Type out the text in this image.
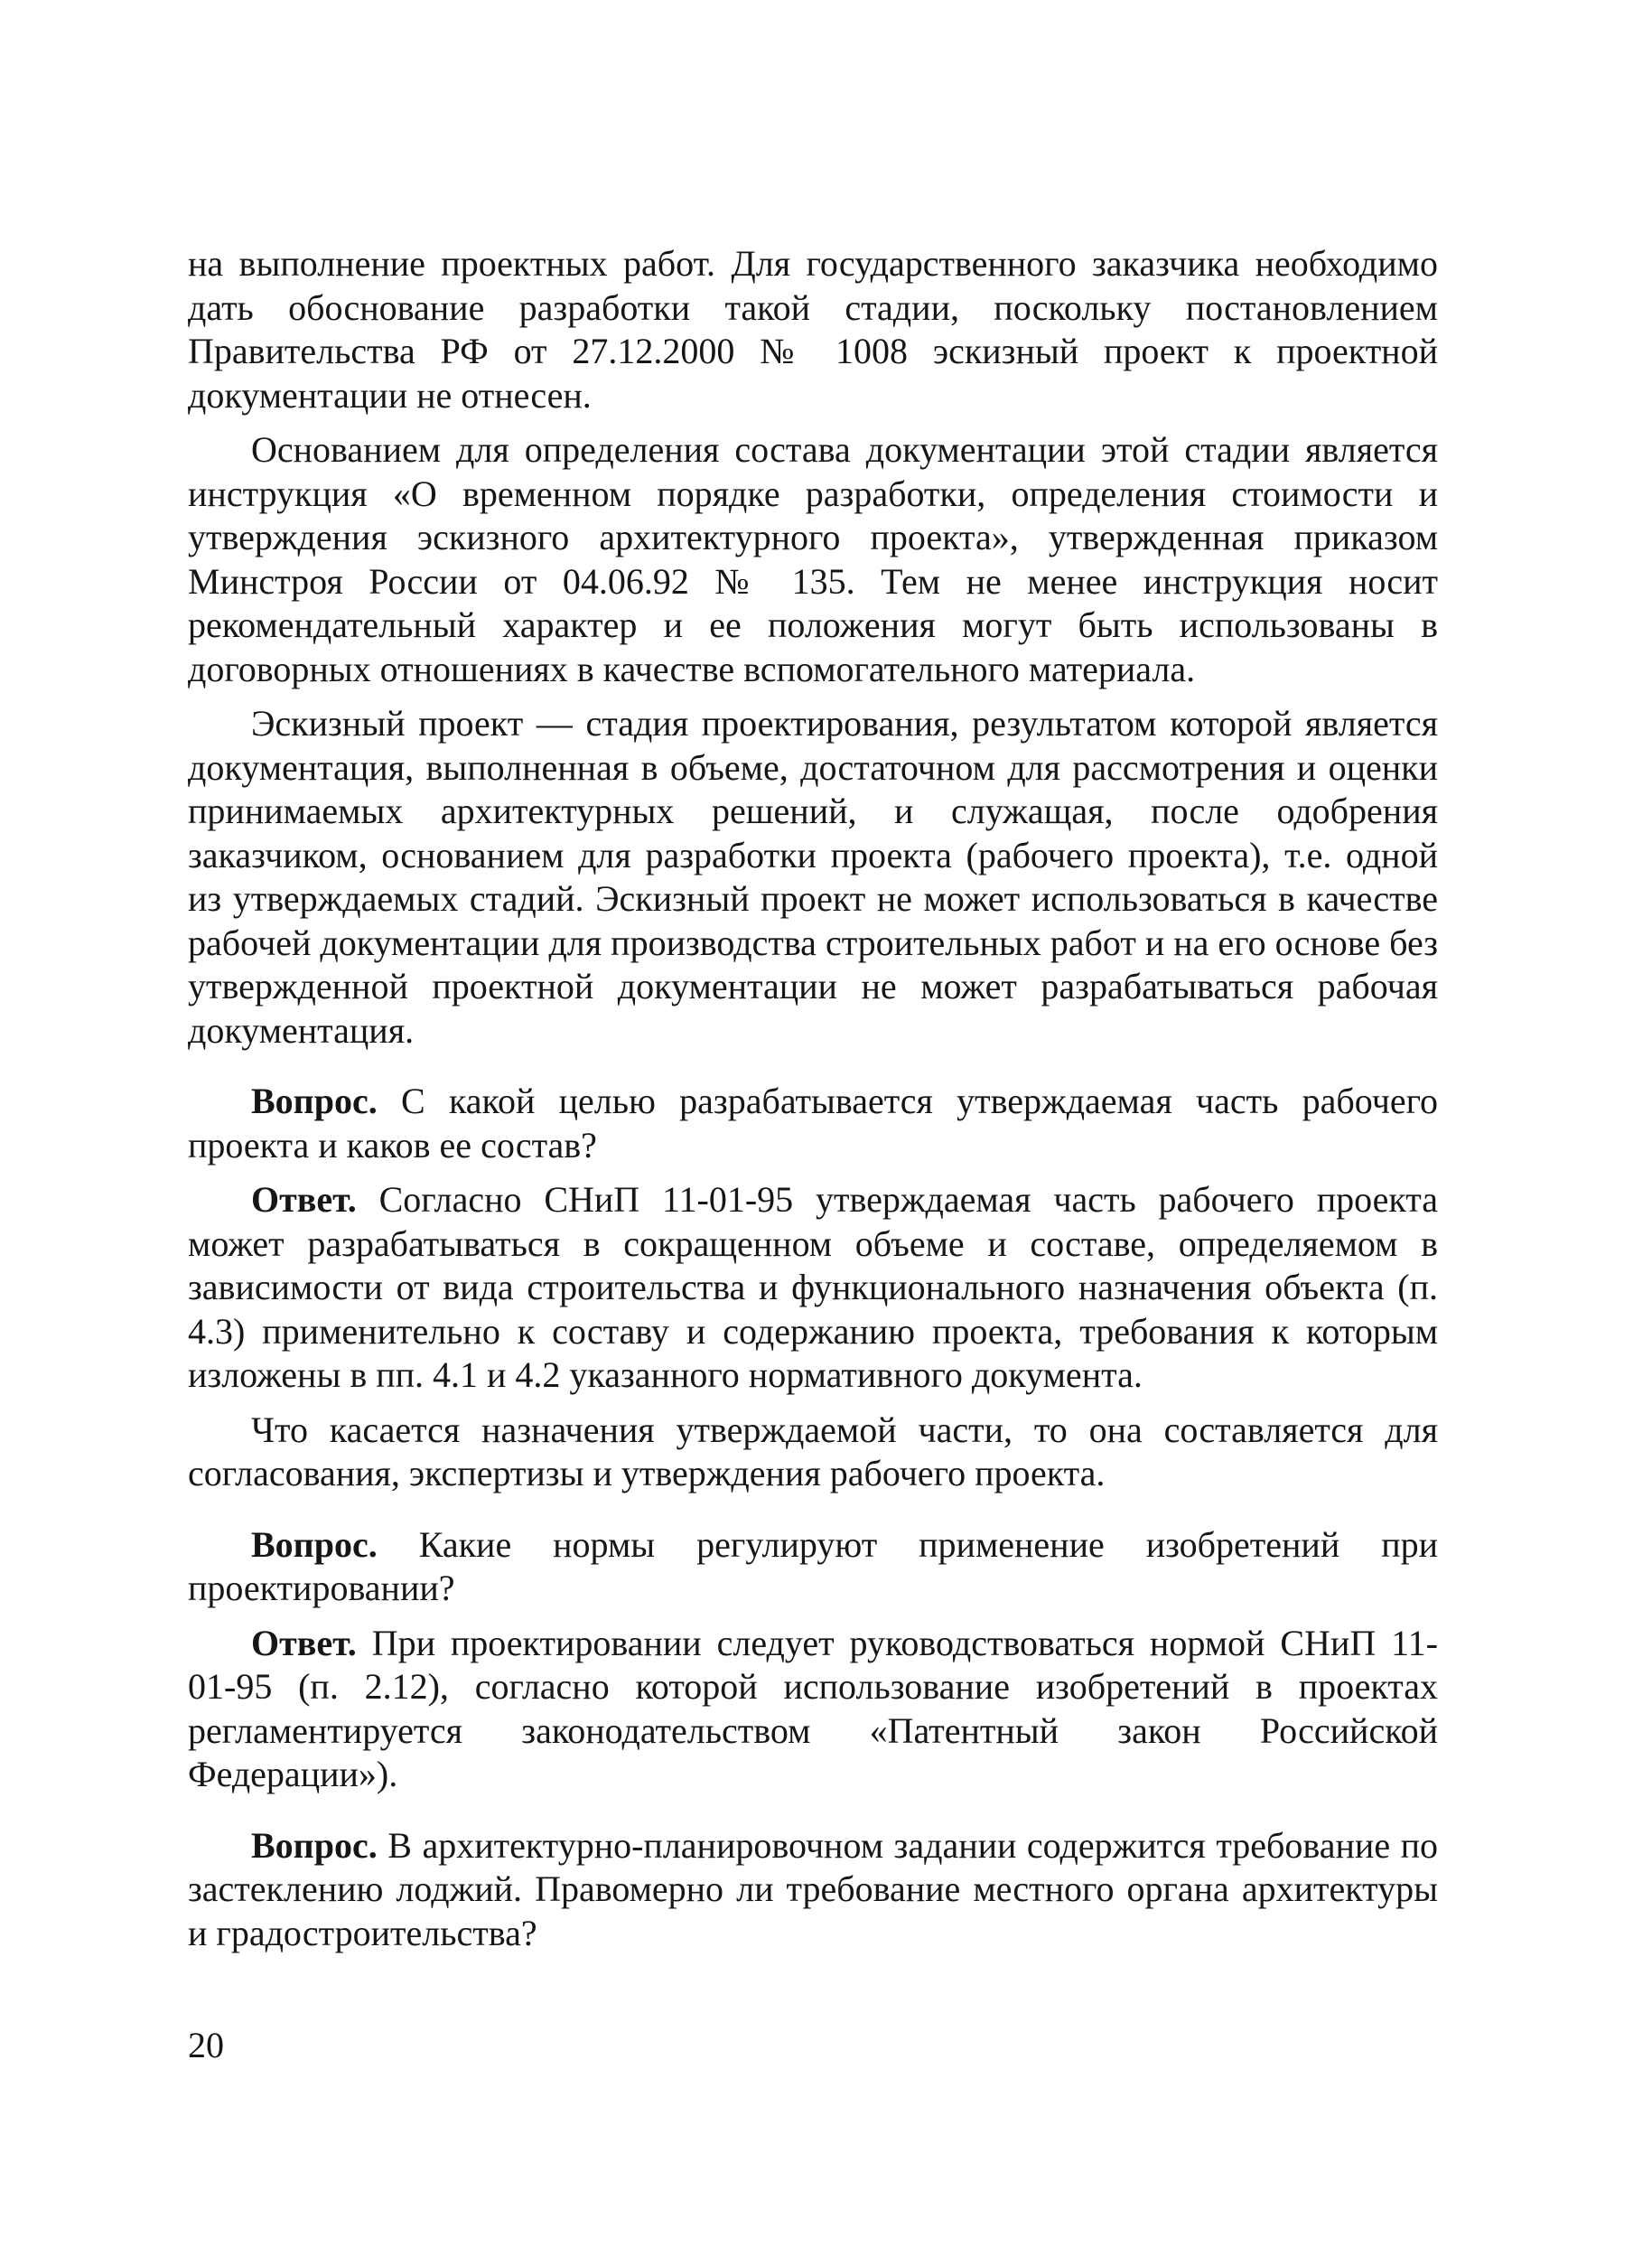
на выполнение проектных работ. Для государственного заказчика необходимо дать обоснование разработки такой стадии, поскольку постановлением Правительства РФ от 27.12.2000 № 1008 эскизный проект к проектной документации не отнесен.

Основанием для определения состава документации этой стадии является инструкция «О временном порядке разработки, определения стоимости и утверждения эскизного архитектурного проекта», утвержденная приказом Минстроя России от 04.06.92 № 135. Тем не менее инструкция носит рекомендательный характер и ее положения могут быть использованы в договорных отношениях в качестве вспомогательного материала.

Эскизный проект — стадия проектирования, результатом которой является документация, выполненная в объеме, достаточном для рассмотрения и оценки принимаемых архитектурных решений, и служащая, после одобрения заказчиком, основанием для разработки проекта (рабочего проекта), т.е. одной из утверждаемых стадий. Эскизный проект не может использоваться в качестве рабочей документации для производства строительных работ и на его основе без утвержденной проектной документации не может разрабатываться рабочая документация.

Вопрос. С какой целью разрабатывается утверждаемая часть рабочего проекта и каков ее состав?

Ответ. Согласно СНиП 11-01-95 утверждаемая часть рабочего проекта может разрабатываться в сокращенном объеме и составе, определяемом в зависимости от вида строительства и функционального назначения объекта (п. 4.3) применительно к составу и содержанию проекта, требования к которым изложены в пп. 4.1 и 4.2 указанного нормативного документа.

Что касается назначения утверждаемой части, то она составляется для согласования, экспертизы и утверждения рабочего проекта.

Вопрос. Какие нормы регулируют применение изобретений при проектировании?

Ответ. При проектировании следует руководствоваться нормой СНиП 11-01-95 (п. 2.12), согласно которой использование изобретений в проектах регламентируется законодательством «Патентный закон Российской Федерации»).

Вопрос. В архитектурно-планировочном задании содержится требование по застеклению лоджий. Правомерно ли требование местного органа архитектуры и градостроительства?

20
